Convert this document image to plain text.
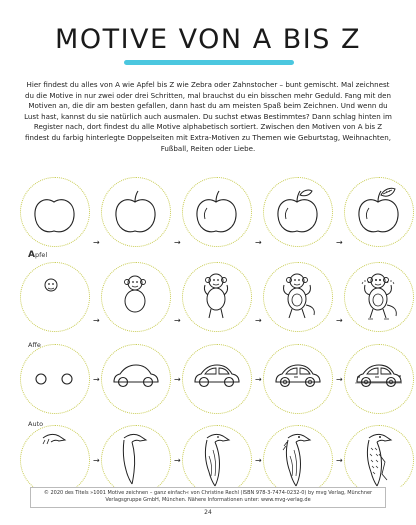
MOTIVE VON A BIS Z
Hier findest du alles von A wie Apfel bis Z wie Zebra oder Zahnstocher – bunt gemischt. Mal zeichnest du die Motive in nur zwei oder drei Schritten, mal brauchst du ein bisschen mehr Geduld. Fang mit den Motiven an, die dir am besten gefallen, dann hast du am meisten Spaß beim Zeichnen. Und wenn du Lust hast, kannst du sie natürlich auch ausmalen. Du suchst etwas Bestimmtes? Dann schlag hinten im Register nach, dort findest du alle Motive alphabetisch sortiert. Zwischen den Motiven von A bis Z findest du farbig hinterlegte Doppelseiten mit Extra-Motiven zu Themen wie Geburtstag, Weihnachten, Fußball, Reiten oder Liebe.
→	→	→	→
Apfel
→	→	→	→
Affe
→	→	→	→
Auto
→	→	→	→
© 2020 des Titels »1001 Motive zeichnen – ganz einfach« von Christine Rechl (ISBN 978-3-7474-0232-0) by mvg Verlag, Münchner Verlagsgruppe GmbH, München. Nähere Informationen unter: www.mvg-verlag.de
24
